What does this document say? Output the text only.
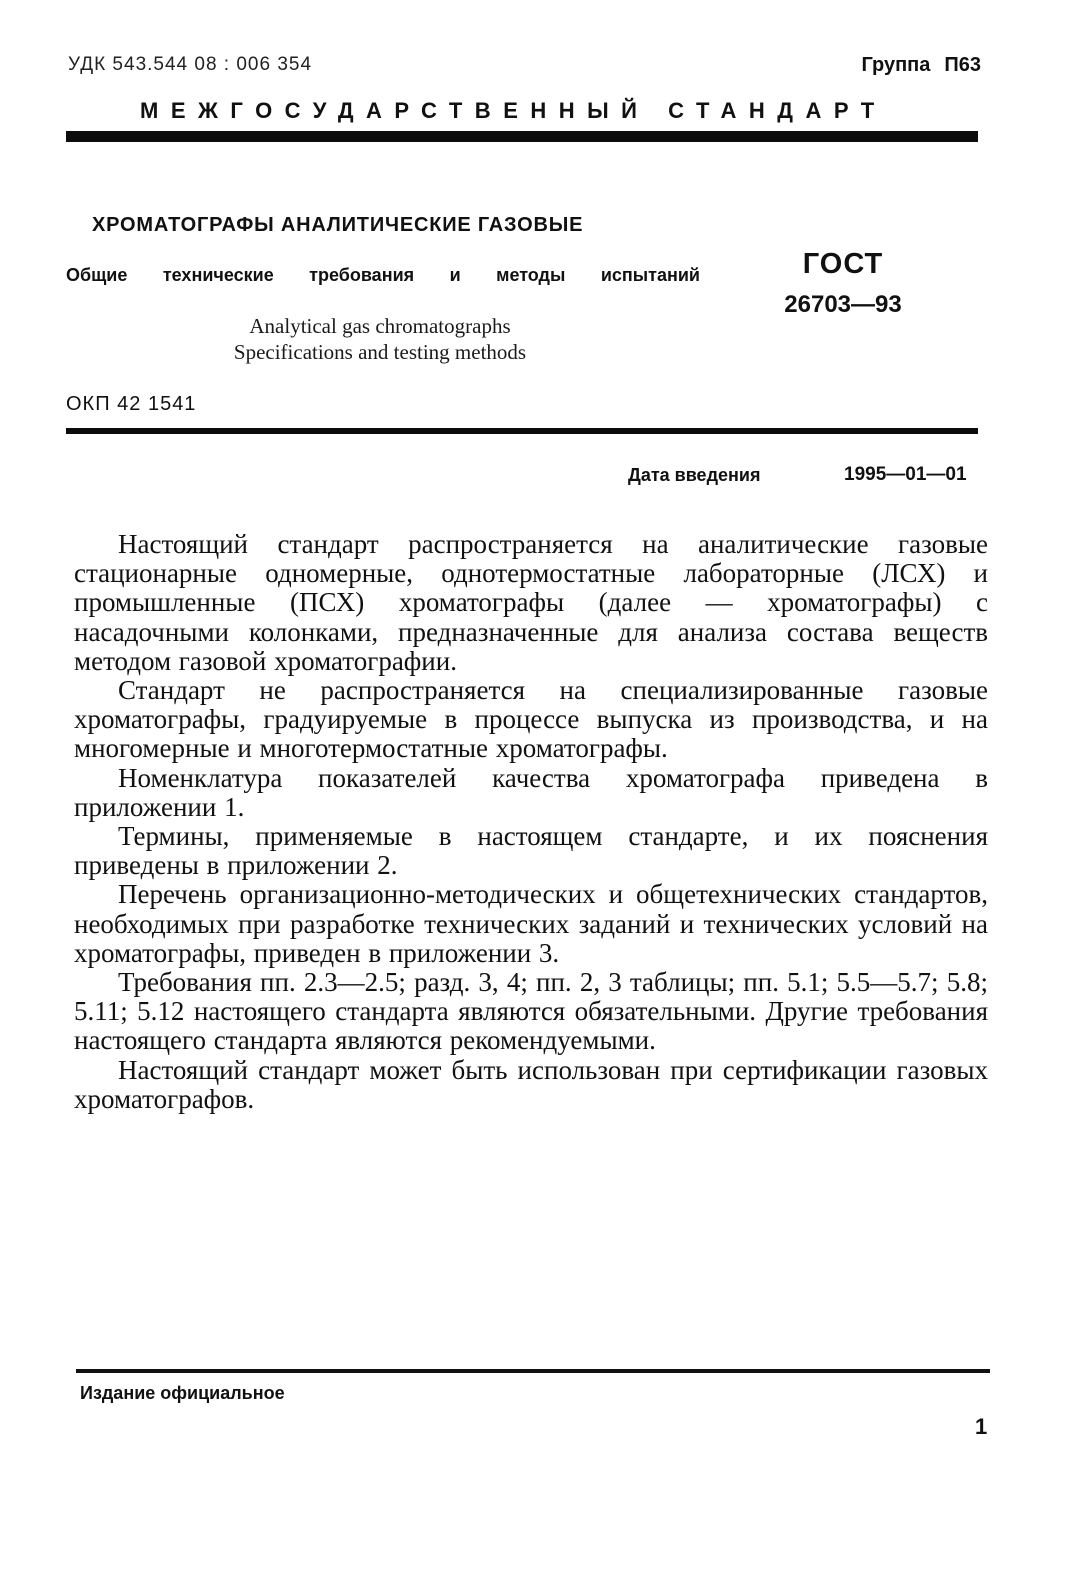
УДК 543.544 08 : 006 354	Группа П63
МЕЖГОСУДАРСТВЕННЫЙ СТАНДАРТ
ХРОМАТОГРАФЫ АНАЛИТИЧЕСКИЕ ГАЗОВЫЕ
Общие технические требования и методы испытаний
Analytical gas chromatographs
Specifications and testing methods
ГОСТ
26703—93
ОКП 42 1541
Дата введения	1995—01—01

Настоящий стандарт распространяется на аналитические газовые стационарные одномерные, однотермостатные лабораторные (ЛСХ) и промышленные (ПСХ) хроматографы (далее — хроматографы) с насадочными колонками, предназначенные для анализа состава веществ методом газовой хроматографии.

Стандарт не распространяется на специализированные газовые хроматографы, градуируемые в процессе выпуска из производства, и на многомерные и многотермостатные хроматографы.

Номенклатура показателей качества хроматографа приведена в приложении 1.

Термины, применяемые в настоящем стандарте, и их пояснения приведены в приложении 2.

Перечень организационно-методических и общетехнических стандартов, необходимых при разработке технических заданий и технических условий на хроматографы, приведен в приложении 3.

Требования пп. 2.3—2.5; разд. 3, 4; пп. 2, 3 таблицы; пп. 5.1; 5.5—5.7; 5.8; 5.11; 5.12 настоящего стандарта являются обязательными. Другие требования настоящего стандарта являются рекомендуемыми.

Настоящий стандарт может быть использован при сертификации газовых хроматографов.

Издание официальное
1
